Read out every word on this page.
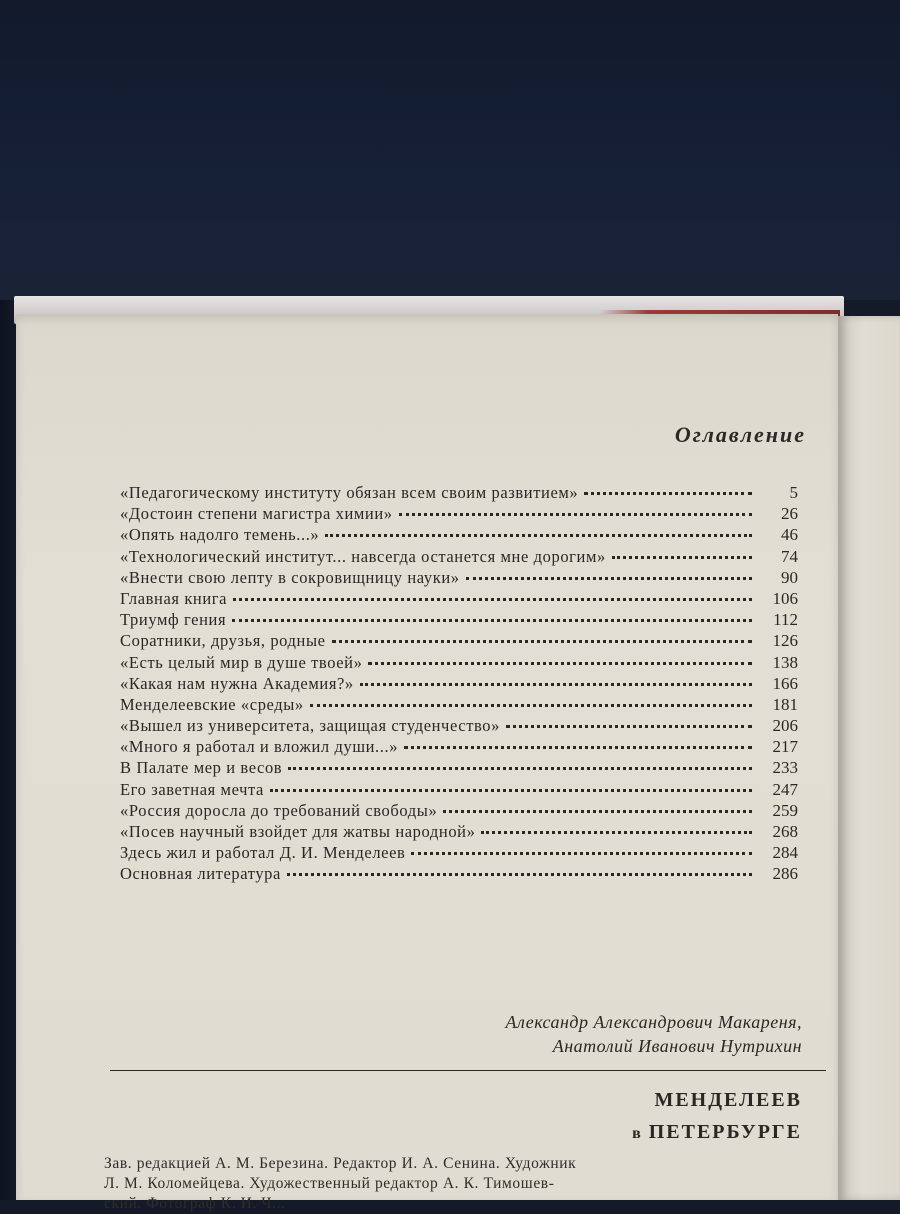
Оглавление
«Педагогическому институту обязан всем своим развитием»	5
«Достоин степени магистра химии»	26
«Опять надолго темень...»	46
«Технологический институт... навсегда останется мне дорогим»	74
«Внести свою лепту в сокровищницу науки»	90
Главная книга	106
Триумф гения	112
Соратники, друзья, родные	126
«Есть целый мир в душе твоей»	138
«Какая нам нужна Академия?»	166
Менделеевские «среды»	181
«Вышел из университета, защищая студенчество»	206
«Много я работал и вложил души...»	217
В Палате мер и весов	233
Его заветная мечта	247
«Россия доросла до требований свободы»	259
«Посев научный взойдет для жатвы народной»	268
Здесь жил и работал Д. И. Менделеев	284
Основная литература	286
Александр Александрович Макареня,
Анатолий Иванович Нутрихин
МЕНДЕЛЕЕВ
в ПЕТЕРБУРГЕ
Зав. редакцией А. М. Березина. Редактор И. А. Сенина. Художник
Л. М. Коломейцева. Художественный редактор А. К. Тимошев-
ский. Фотограф К. И. Ч...
